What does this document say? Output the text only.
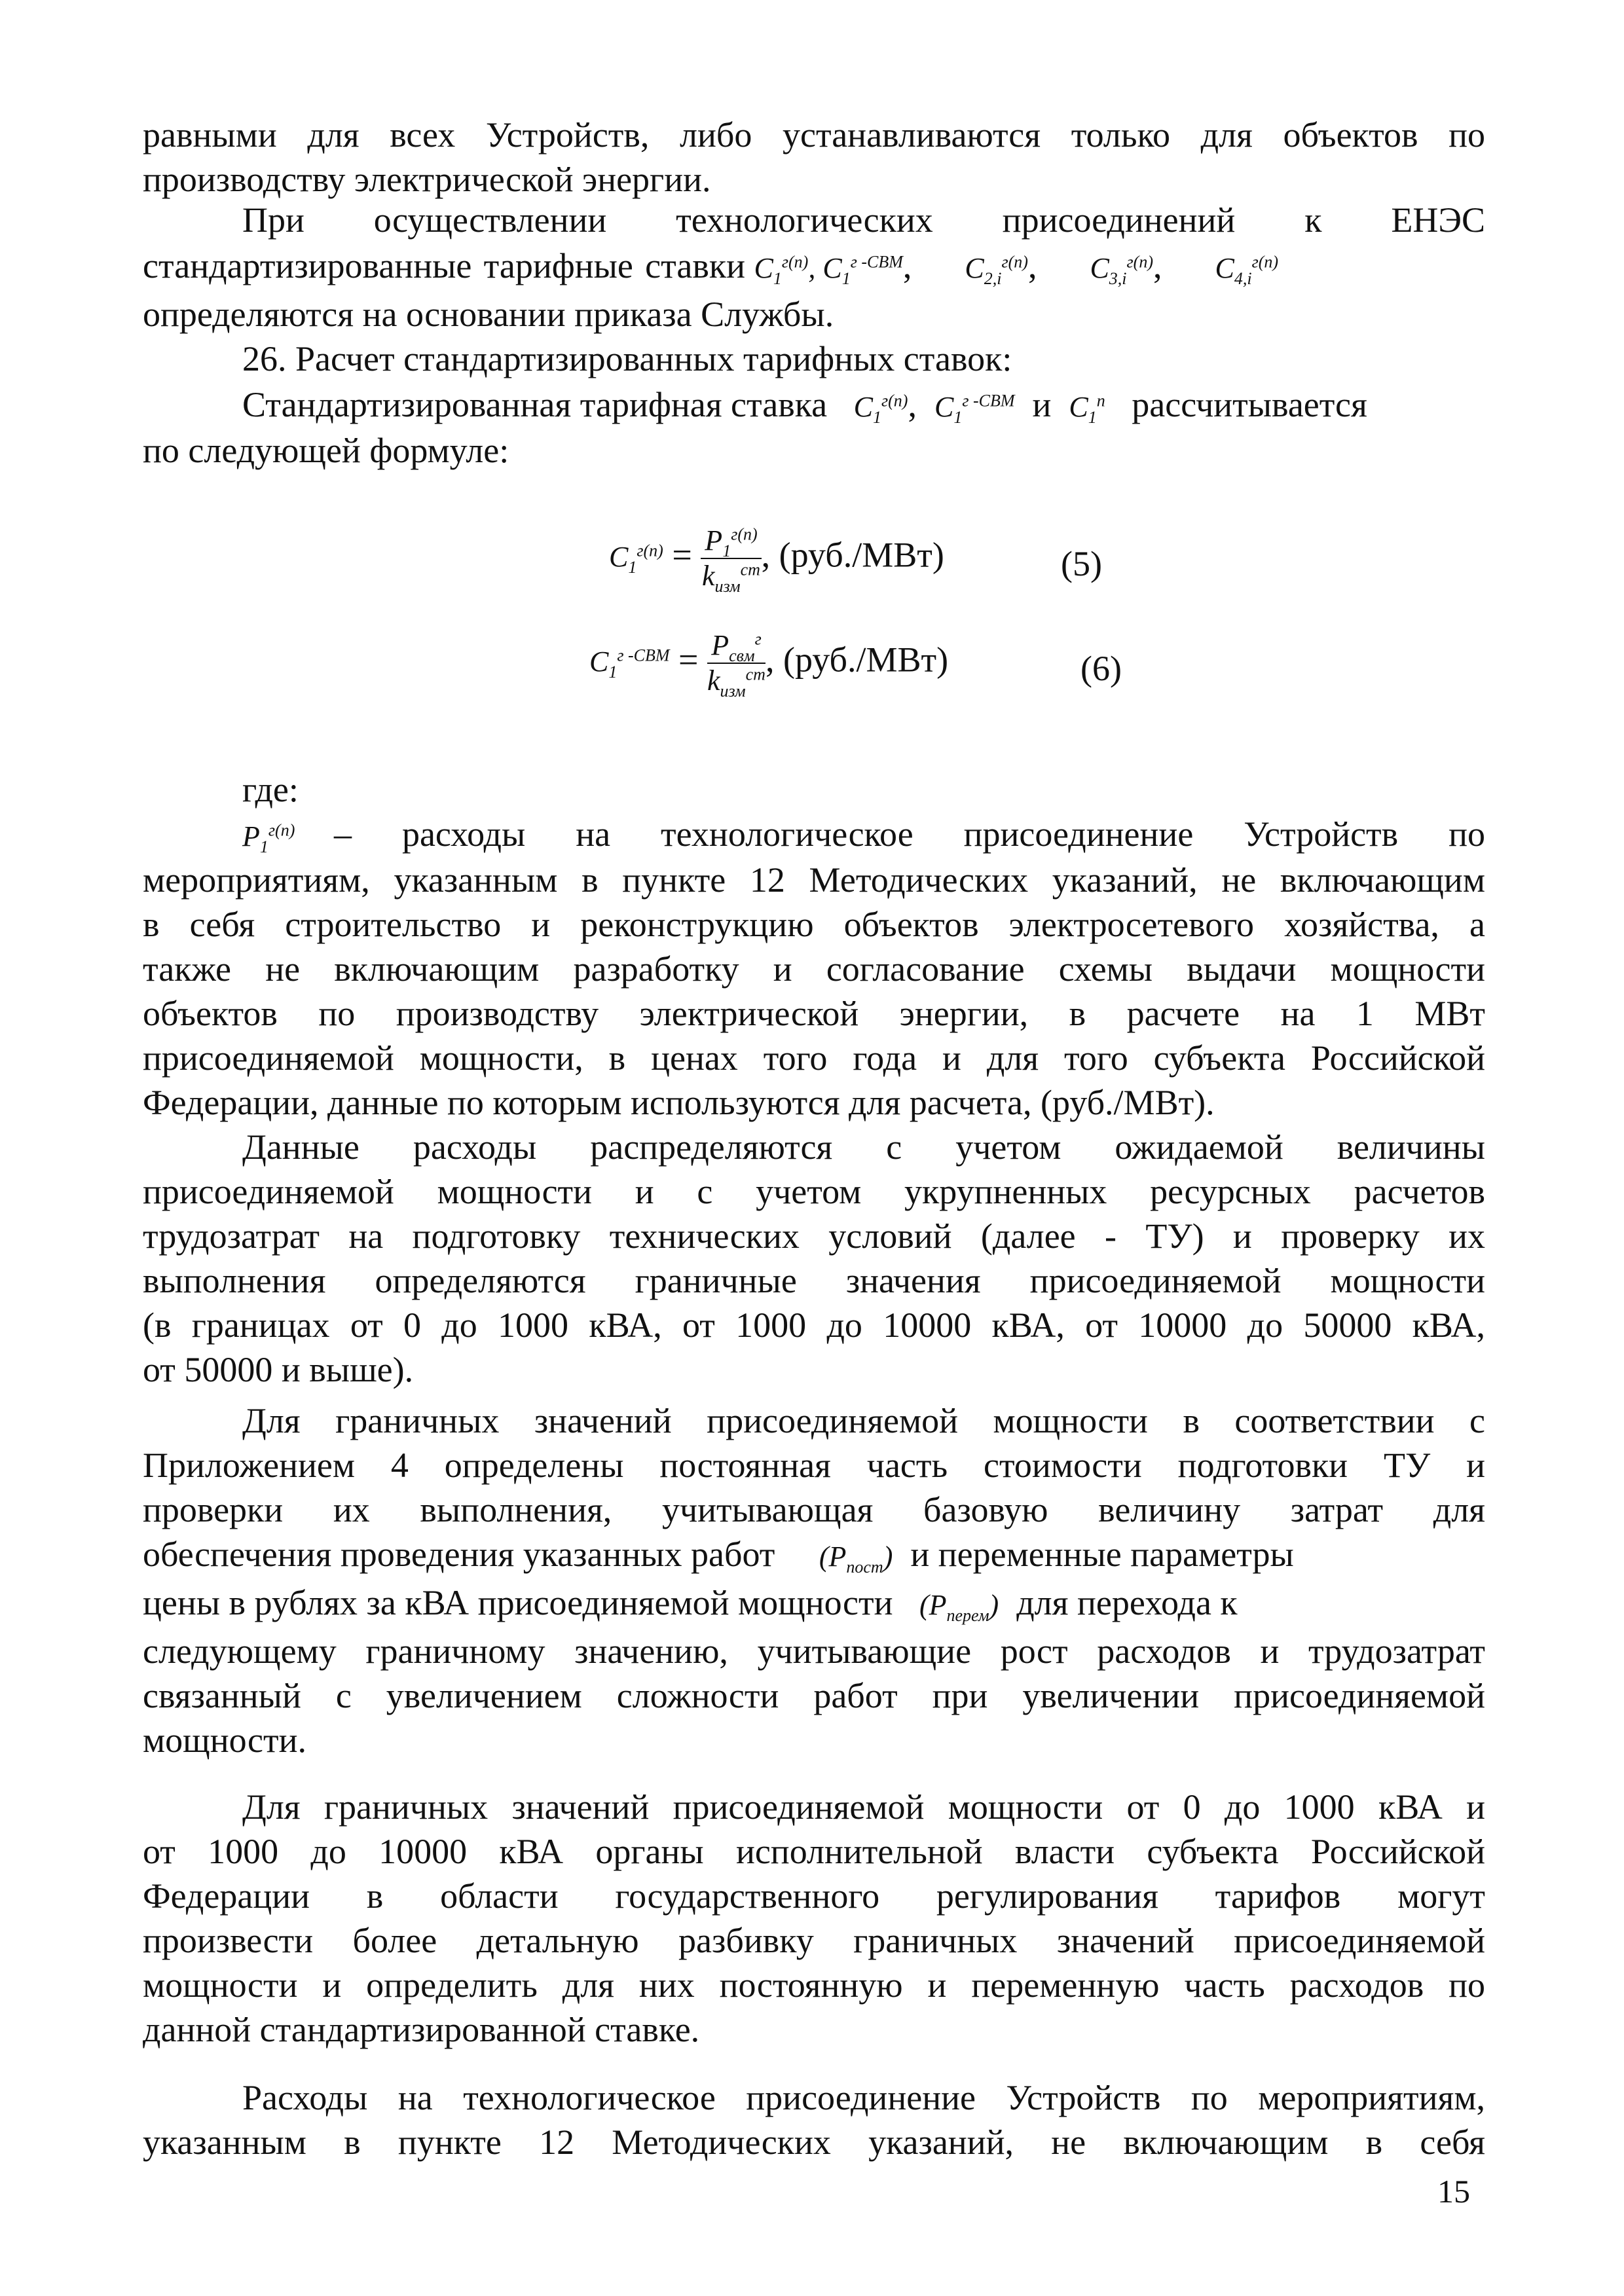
равными для всех Устройств, либо устанавливаются только для объектов по
производству электрической энергии.
При осуществлении технологических присоединений к ЕНЭС
стандартизированные тарифные ставки $C_1^{г(n)}$, $C_1^{г -СВМ}$,      $C_{2,i}^{г(n)}$,      $C_{3,i}^{г(n)}$,      $C_{4,i}^{г(n)}$
определяются на основании приказа Службы.
26. Расчет стандартизированных тарифных ставок:
Стандартизированная тарифная ставка $C_1^{г(n)}$,  $C_1^{г -СВМ}$ и $C_1^n$ рассчитывается
по следующей формуле:
$C_1^{г(n)} = \frac{P_1^{г(n)}}{k_{изм}^{ст}}$ , (руб./МВт)	(5)
$C_1^{г -СВМ} = \frac{P_{свм}^г}{k_{изм}^{ст}}$ , (руб./МВт)	(6)
где:
$P_1^{г(n)}$ – расходы на технологическое присоединение Устройств по
мероприятиям, указанным в пункте 12 Методических указаний, не включающим
в себя строительство и реконструкцию объектов электросетевого хозяйства, а
также не включающим разработку и согласование схемы выдачи мощности
объектов по производству электрической энергии, в расчете на 1 МВт
присоединяемой мощности, в ценах того года и для того субъекта Российской
Федерации, данные по которым используются для расчета, (руб./МВт).
Данные расходы распределяются с учетом ожидаемой величины
присоединяемой мощности и с учетом укрупненных ресурсных расчетов
трудозатрат на подготовку технических условий (далее - ТУ) и проверку их
выполнения определяются граничные значения присоединяемой мощности
(в границах от 0 до 1000 кВА, от 1000 до 10000 кВА, от 10000 до 50000 кВА,
от 50000 и выше).
Для граничных значений присоединяемой мощности в соответствии с
Приложением 4 определены постоянная часть стоимости подготовки ТУ и
проверки их выполнения, учитывающая базовую величину затрат для
обеспечения проведения указанных работ $(P_{пост})$ и переменные параметры
цены в рублях за кВА присоединяемой мощности $(P_{перем})$ для перехода к
следующему граничному значению, учитывающие рост расходов и трудозатрат
связанный с увеличением сложности работ при увеличении присоединяемой
мощности.
Для граничных значений присоединяемой мощности от 0 до 1000 кВА и
от 1000 до 10000 кВА органы исполнительной власти субъекта Российской
Федерации в области государственного регулирования тарифов могут
произвести более детальную разбивку граничных значений присоединяемой
мощности и определить для них постоянную и переменную часть расходов по
данной стандартизированной ставке.
Расходы на технологическое присоединение Устройств по мероприятиям,
указанным в пункте 12 Методических указаний, не включающим в себя
15
